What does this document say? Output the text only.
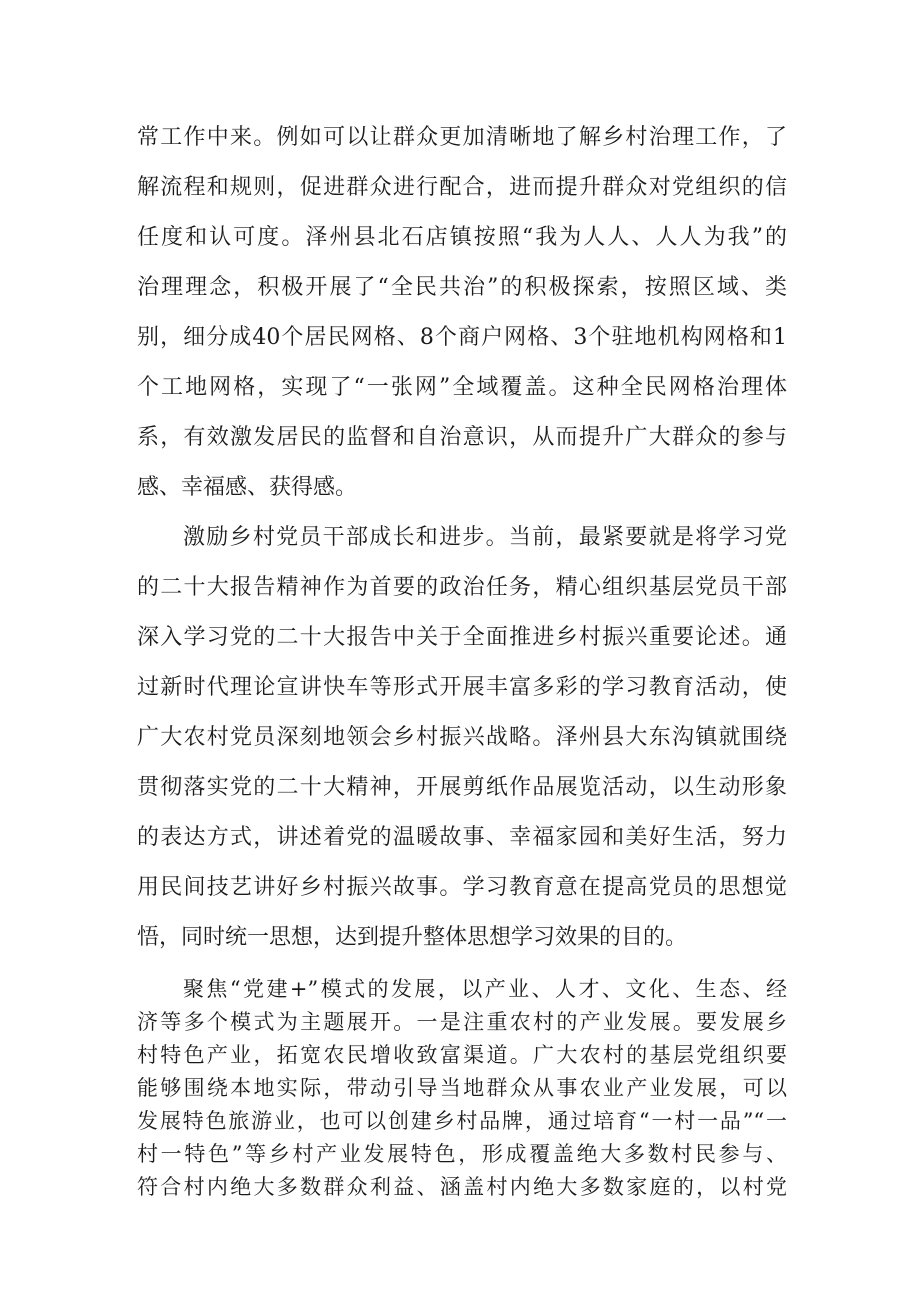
常工作中来。例如可以让群众更加清晰地了解乡村治理工作，了
解流程和规则，促进群众进行配合，进而提升群众对党组织的信
任度和认可度。泽州县北石店镇按照“我为人人、人人为我”的
治理理念，积极开展了“全民共治”的积极探索，按照区域、类
别，细分成40个居民网格、8个商户网格、3个驻地机构网格和1
个工地网格，实现了“一张网”全域覆盖。这种全民网格治理体
系，有效激发居民的监督和自治意识，从而提升广大群众的参与
感、幸福感、获得感。
激励乡村党员干部成长和进步。当前，最紧要就是将学习党
的二十大报告精神作为首要的政治任务，精心组织基层党员干部
深入学习党的二十大报告中关于全面推进乡村振兴重要论述。通
过新时代理论宣讲快车等形式开展丰富多彩的学习教育活动，使
广大农村党员深刻地领会乡村振兴战略。泽州县大东沟镇就围绕
贯彻落实党的二十大精神，开展剪纸作品展览活动，以生动形象
的表达方式，讲述着党的温暖故事、幸福家园和美好生活，努力
用民间技艺讲好乡村振兴故事。学习教育意在提高党员的思想觉
悟，同时统一思想，达到提升整体思想学习效果的目的。
聚焦“党建+”模式的发展，以产业、人才、文化、生态、经
济等多个模式为主题展开。一是注重农村的产业发展。要发展乡
村特色产业，拓宽农民增收致富渠道。广大农村的基层党组织要
能够围绕本地实际，带动引导当地群众从事农业产业发展，可以
发展特色旅游业，也可以创建乡村品牌，通过培育“一村一品”“一
村一特色”等乡村产业发展特色，形成覆盖绝大多数村民参与、
符合村内绝大多数群众利益、涵盖村内绝大多数家庭的，以村党
